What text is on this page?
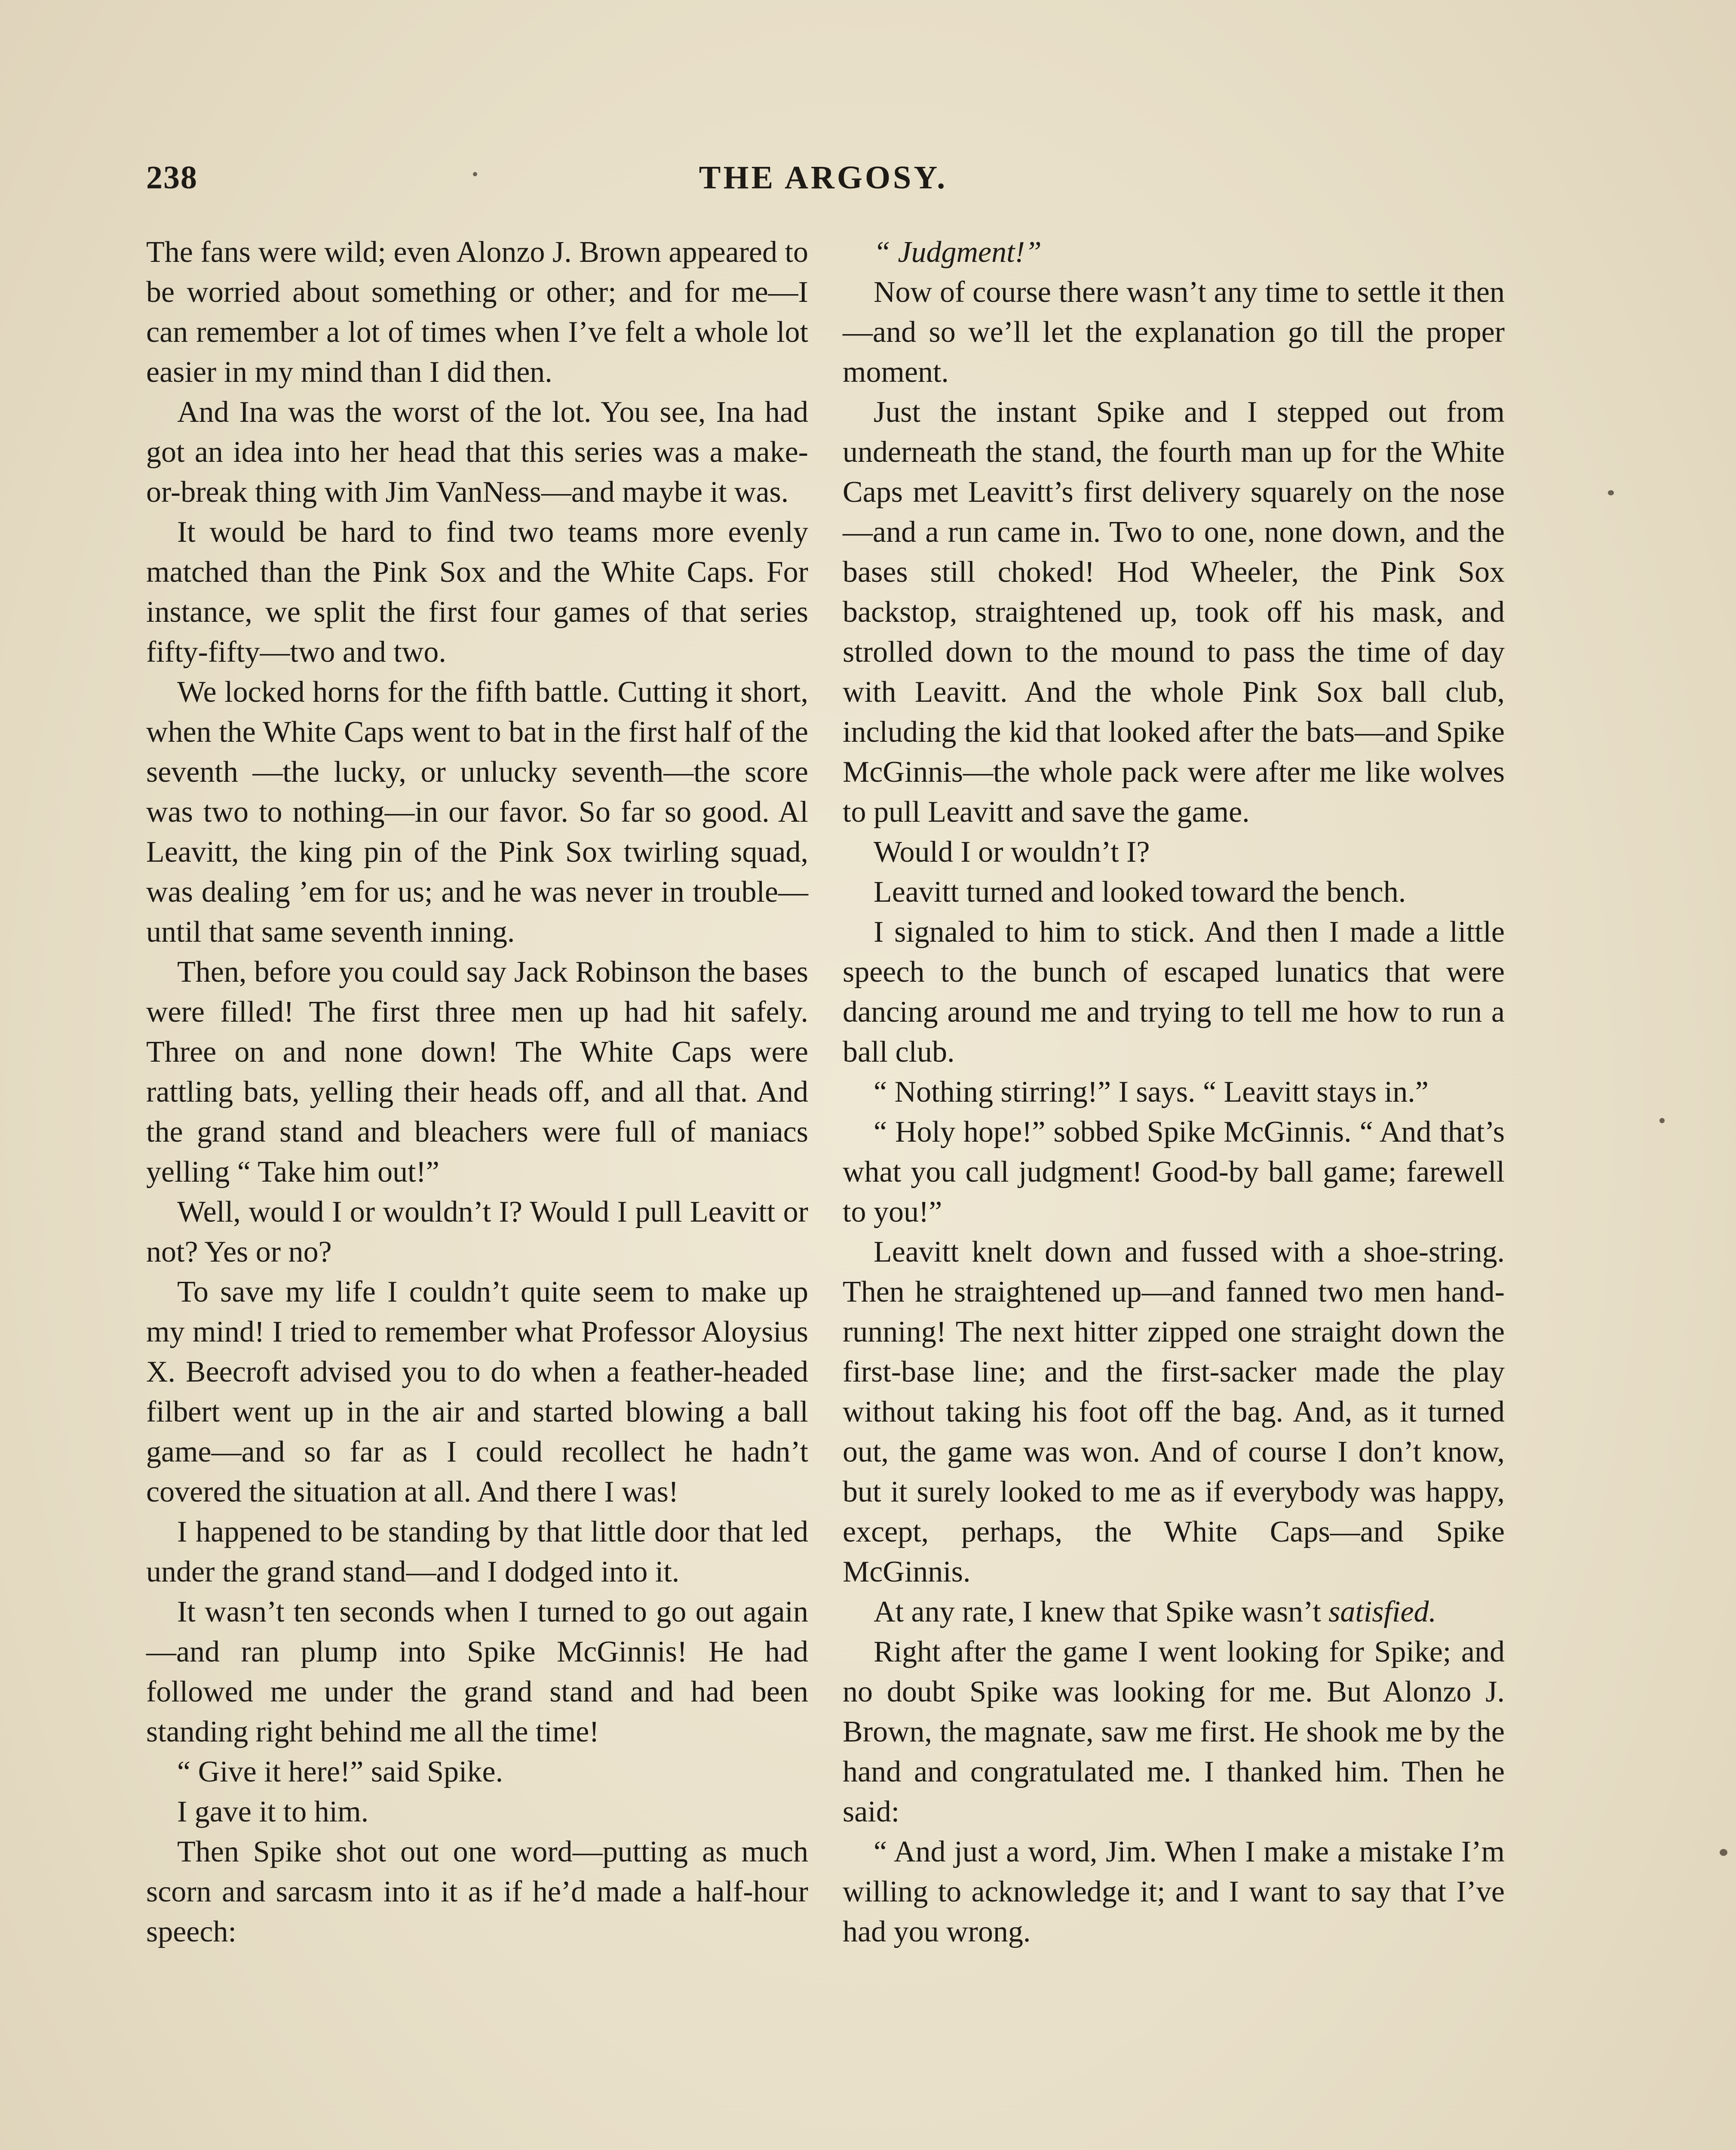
238	THE ARGOSY.

The fans were wild; even Alonzo J. Brown appeared to be worried about something or other; and for me—I can remember a lot of times when I’ve felt a whole lot easier in my mind than I did then.

And Ina was the worst of the lot. You see, Ina had got an idea into her head that this series was a make-or-break thing with Jim VanNess—and maybe it was.

It would be hard to find two teams more evenly matched than the Pink Sox and the White Caps. For instance, we split the first four games of that series fifty-fifty—two and two.

We locked horns for the fifth battle. Cutting it short, when the White Caps went to bat in the first half of the seventh —the lucky, or unlucky seventh—the score was two to nothing—in our favor. So far so good. Al Leavitt, the king pin of the Pink Sox twirling squad, was dealing ’em for us; and he was never in trouble—until that same seventh inning.

Then, before you could say Jack Robinson the bases were filled! The first three men up had hit safely. Three on and none down! The White Caps were rattling bats, yelling their heads off, and all that. And the grand stand and bleachers were full of maniacs yelling “ Take him out!”

Well, would I or wouldn’t I? Would I pull Leavitt or not? Yes or no?

To save my life I couldn’t quite seem to make up my mind! I tried to remember what Professor Aloysius X. Beecroft advised you to do when a feather-headed filbert went up in the air and started blowing a ball game—and so far as I could recollect he hadn’t covered the situation at all. And there I was!

I happened to be standing by that little door that led under the grand stand—and I dodged into it.

It wasn’t ten seconds when I turned to go out again—and ran plump into Spike McGinnis! He had followed me under the grand stand and had been standing right behind me all the time!

“ Give it here!” said Spike.

I gave it to him.

Then Spike shot out one word—putting as much scorn and sarcasm into it as if he’d made a half-hour speech:

“ Judgment!”

Now of course there wasn’t any time to settle it then—and so we’ll let the explanation go till the proper moment.

Just the instant Spike and I stepped out from underneath the stand, the fourth man up for the White Caps met Leavitt’s first delivery squarely on the nose—and a run came in. Two to one, none down, and the bases still choked! Hod Wheeler, the Pink Sox backstop, straightened up, took off his mask, and strolled down to the mound to pass the time of day with Leavitt. And the whole Pink Sox ball club, including the kid that looked after the bats—and Spike McGinnis—the whole pack were after me like wolves to pull Leavitt and save the game.

Would I or wouldn’t I?

Leavitt turned and looked toward the bench.

I signaled to him to stick. And then I made a little speech to the bunch of escaped lunatics that were dancing around me and trying to tell me how to run a ball club.

“ Nothing stirring!” I says. “ Leavitt stays in.”

“ Holy hope!” sobbed Spike McGinnis. “ And that’s what you call judgment! Good-by ball game; farewell to you!”

Leavitt knelt down and fussed with a shoe-string. Then he straightened up—and fanned two men hand-running! The next hitter zipped one straight down the first-base line; and the first-sacker made the play without taking his foot off the bag. And, as it turned out, the game was won. And of course I don’t know, but it surely looked to me as if everybody was happy, except, perhaps, the White Caps—and Spike McGinnis.

At any rate, I knew that Spike wasn’t satisfied.

Right after the game I went looking for Spike; and no doubt Spike was looking for me. But Alonzo J. Brown, the magnate, saw me first. He shook me by the hand and congratulated me. I thanked him. Then he said:

“ And just a word, Jim. When I make a mistake I’m willing to acknowledge it; and I want to say that I’ve had you wrong.
